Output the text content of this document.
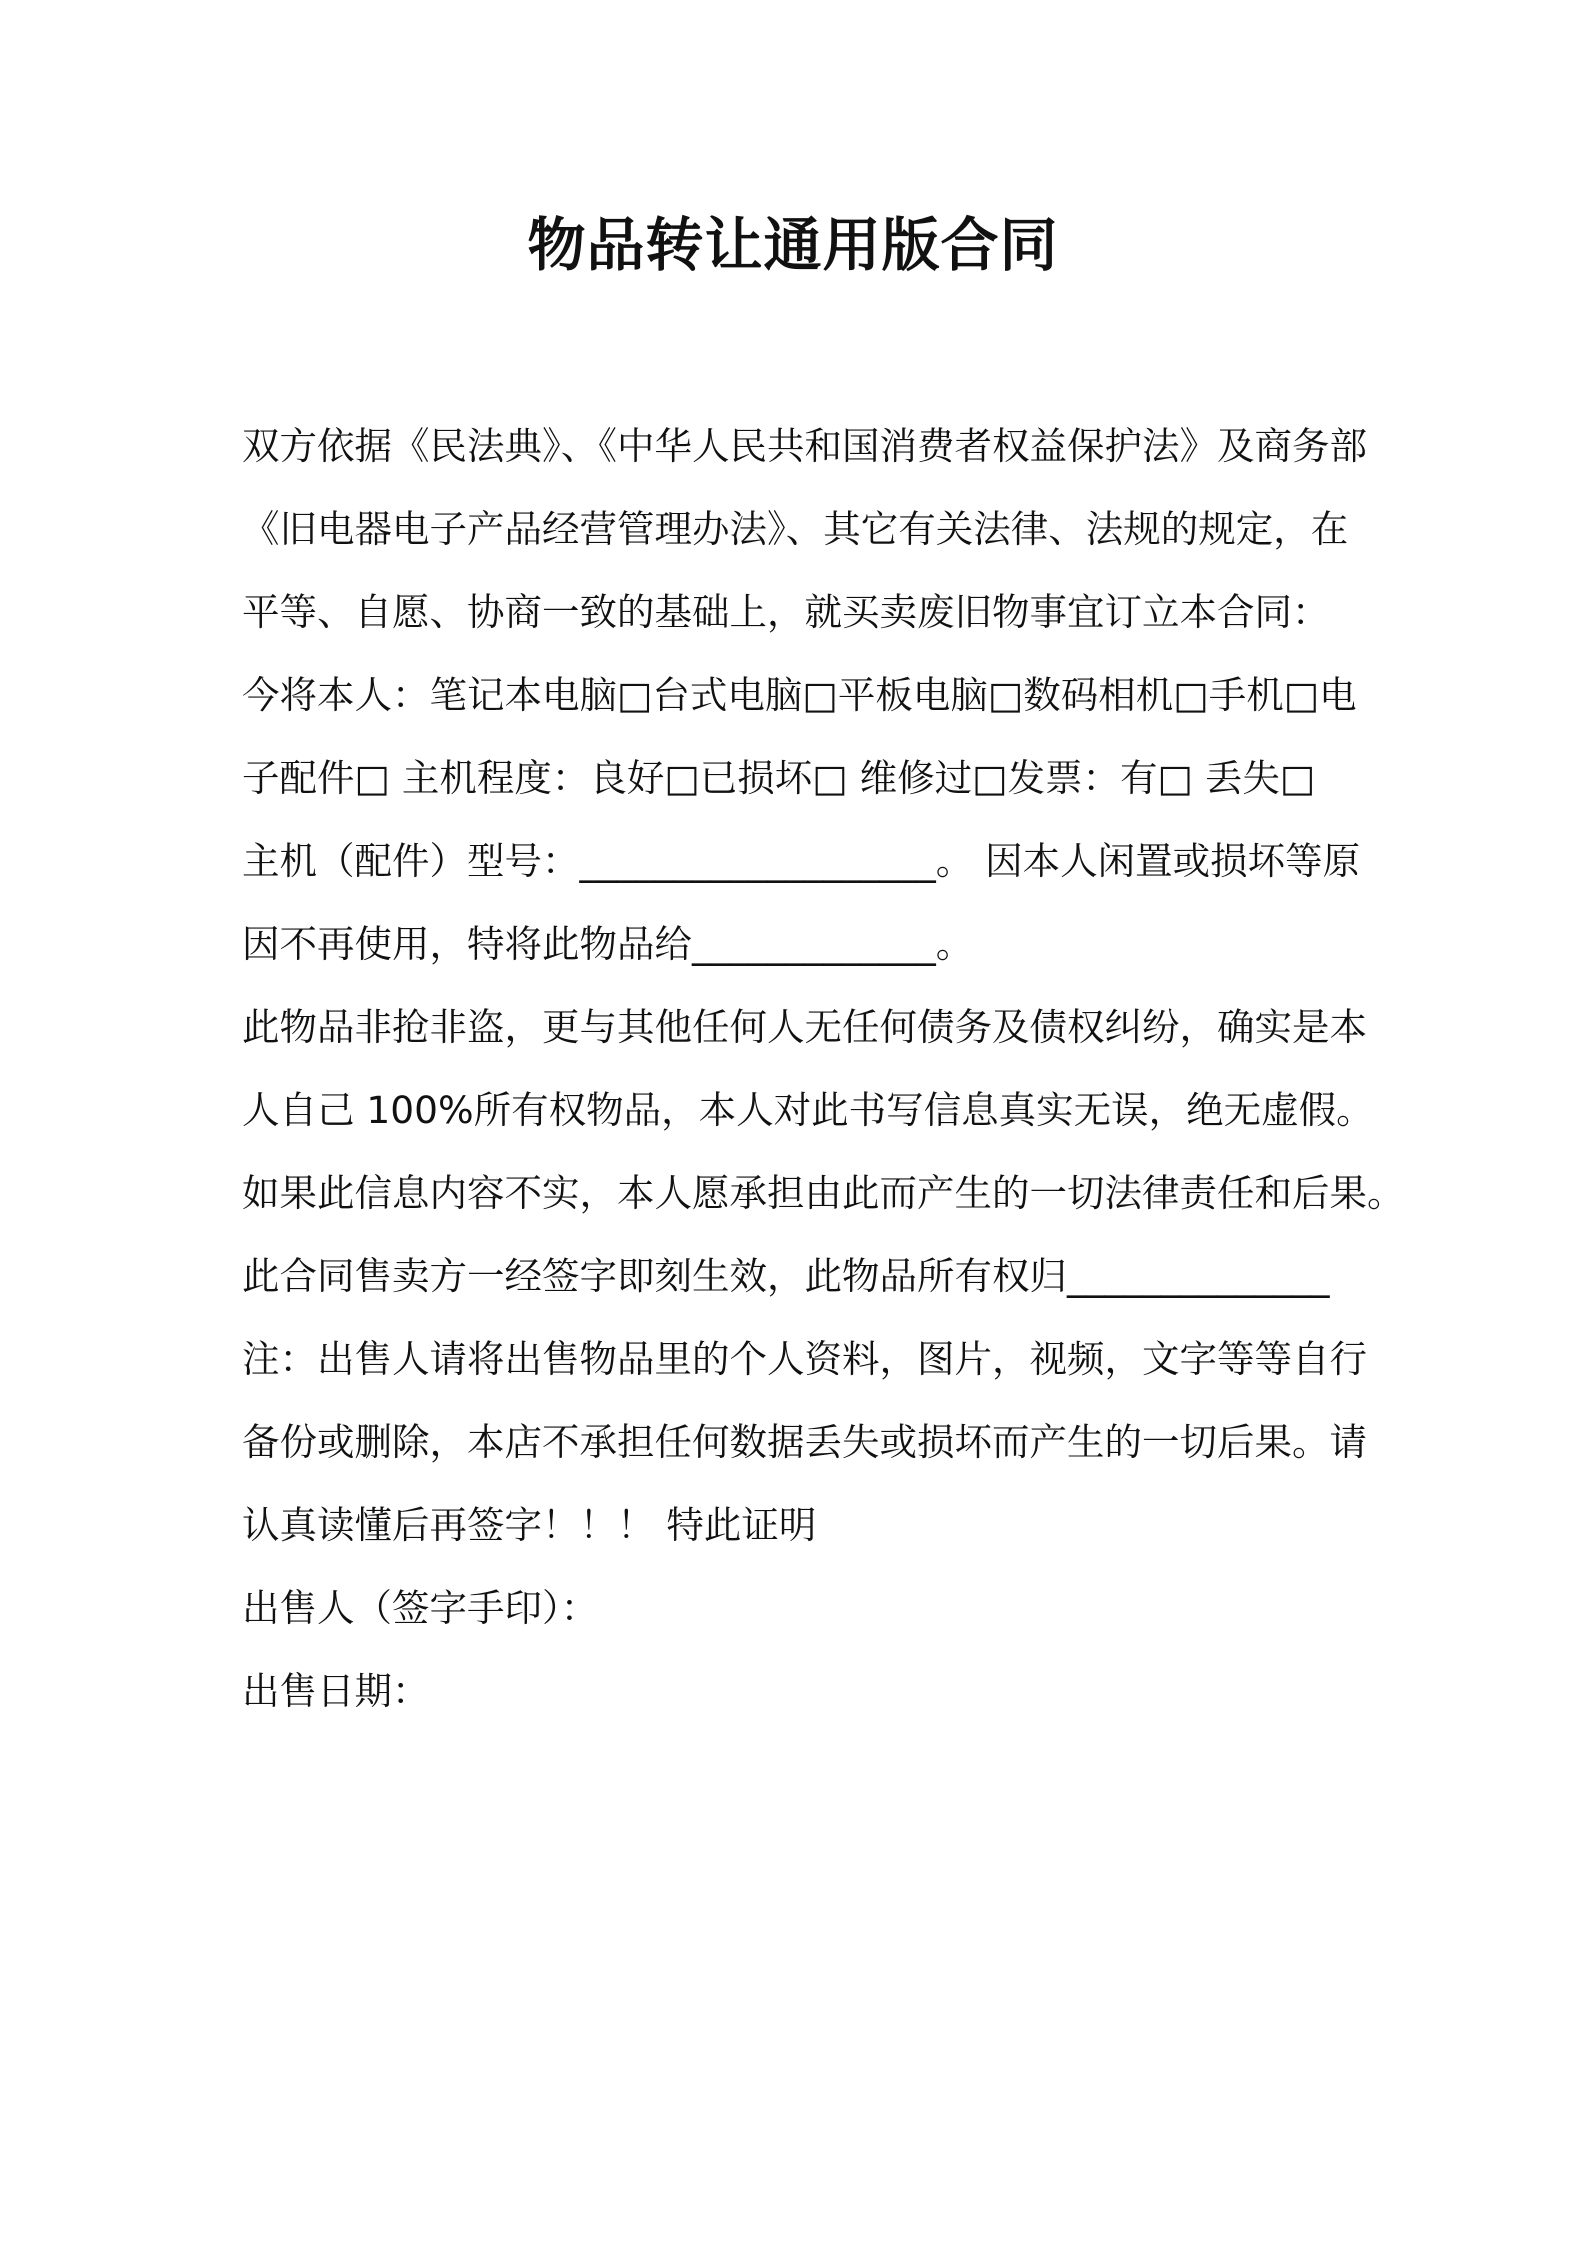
物品转让通用版合同
双方依据《民法典》、《中华人民共和国消费者权益保护法》及商务部
《旧电器电子产品经营管理办法》、其它有关法律、法规的规定，在
平等、自愿、协商一致的基础上，就买卖废旧物事宜订立本合同：
今将本人：笔记本电脑□台式电脑□平板电脑□数码相机□手机□电
子配件□ 主机程度：良好□已损坏□ 维修过□发票：有□ 丢失□
主机（配件）型号：___________________。 因本人闲置或损坏等原
因不再使用，特将此物品给_____________。
此物品非抢非盗，更与其他任何人无任何债务及债权纠纷，确实是本
人自己 100%所有权物品，本人对此书写信息真实无误，绝无虚假。
如果此信息内容不实，本人愿承担由此而产生的一切法律责任和后果。
此合同售卖方一经签字即刻生效，此物品所有权归______________
注：出售人请将出售物品里的个人资料，图片，视频，文字等等自行
备份或删除，本店不承担任何数据丢失或损坏而产生的一切后果。请
认真读懂后再签字！！！ 特此证明
出售人（签字手印）：
出售日期：
